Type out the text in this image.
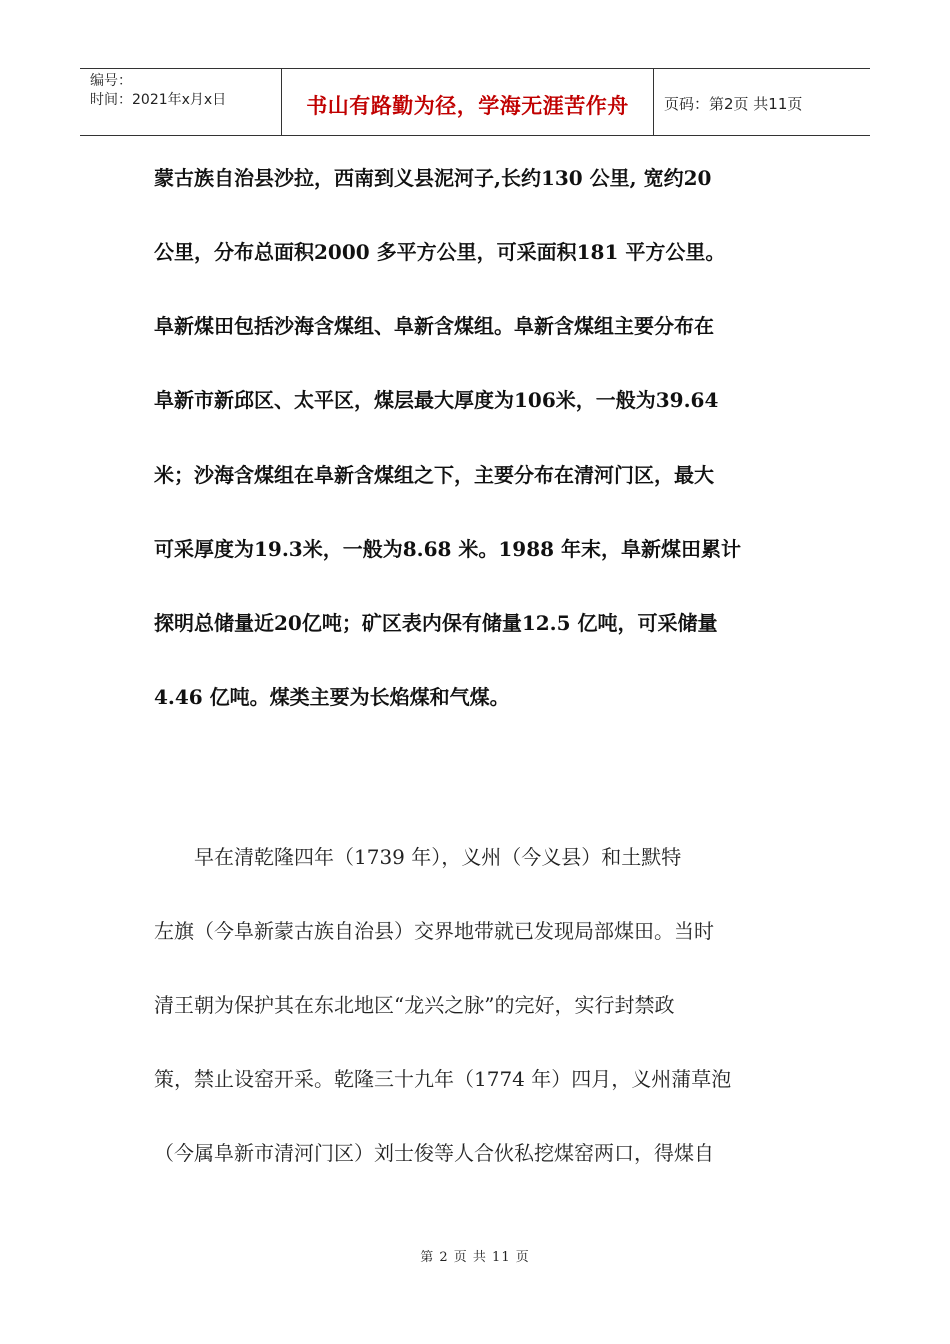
编号：
时间：2021年x月x日	书山有路勤为径，学海无涯苦作舟	页码：第2页 共11页
蒙古族自治县沙拉，西南到义县泥河子,长约130 公里, 宽约20
公里，分布总面积2000 多平方公里，可采面积181 平方公里。
阜新煤田包括沙海含煤组、阜新含煤组。阜新含煤组主要分布在
阜新市新邱区、太平区，煤层最大厚度为106米，一般为39.64
米；沙海含煤组在阜新含煤组之下，主要分布在清河门区，最大
可采厚度为19.3米，一般为8.68 米。1988 年末，阜新煤田累计
探明总储量近20亿吨；矿区表内保有储量12.5 亿吨，可采储量
4.46 亿吨。煤类主要为长焰煤和气煤。
　　早在清乾隆四年（1739 年），义州（今义县）和土默特
左旗（今阜新蒙古族自治县）交界地带就已发现局部煤田。当时
清王朝为保护其在东北地区“龙兴之脉”的完好，实行封禁政
策，禁止设窑开采。乾隆三十九年（1774 年）四月，义州蒲草泡
（今属阜新市清河门区）刘士俊等人合伙私挖煤窑两口，得煤自
第 2 页 共 11 页
